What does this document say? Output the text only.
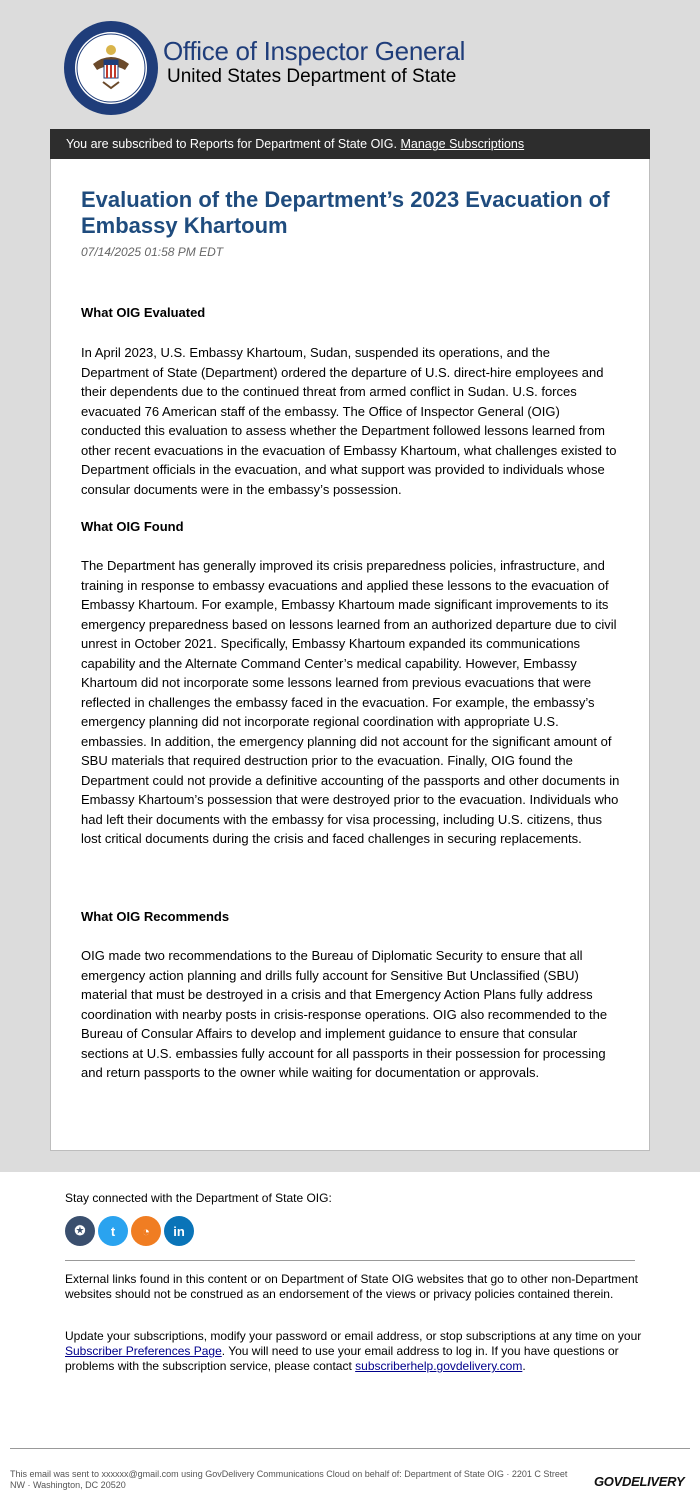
Office of Inspector General
United States Department of State
You are subscribed to Reports for Department of State OIG. Manage Subscriptions
Evaluation of the Department’s 2023 Evacuation of Embassy Khartoum
07/14/2025 01:58 PM EDT
What OIG Evaluated
In April 2023, U.S. Embassy Khartoum, Sudan, suspended its operations, and the Department of State (Department) ordered the departure of U.S. direct-hire employees and their dependents due to the continued threat from armed conflict in Sudan. U.S. forces evacuated 76 American staff of the embassy. The Office of Inspector General (OIG) conducted this evaluation to assess whether the Department followed lessons learned from other recent evacuations in the evacuation of Embassy Khartoum, what challenges existed to Department officials in the evacuation, and what support was provided to individuals whose consular documents were in the embassy’s possession.
What OIG Found
The Department has generally improved its crisis preparedness policies, infrastructure, and training in response to embassy evacuations and applied these lessons to the evacuation of Embassy Khartoum. For example, Embassy Khartoum made significant improvements to its emergency preparedness based on lessons learned from an authorized departure due to civil unrest in October 2021. Specifically, Embassy Khartoum expanded its communications capability and the Alternate Command Center’s medical capability. However, Embassy Khartoum did not incorporate some lessons learned from previous evacuations that were reflected in challenges the embassy faced in the evacuation. For example, the embassy’s emergency planning did not incorporate regional coordination with appropriate U.S. embassies. In addition, the emergency planning did not account for the significant amount of SBU materials that required destruction prior to the evacuation. Finally, OIG found the Department could not provide a definitive accounting of the passports and other documents in Embassy Khartoum’s possession that were destroyed prior to the evacuation. Individuals who had left their documents with the embassy for visa processing, including U.S. citizens, thus lost critical documents during the crisis and faced challenges in securing replacements.
What OIG Recommends
OIG made two recommendations to the Bureau of Diplomatic Security to ensure that all emergency action planning and drills fully account for Sensitive But Unclassified (SBU) material that must be destroyed in a crisis and that Emergency Action Plans fully address coordination with nearby posts in crisis-response operations. OIG also recommended to the Bureau of Consular Affairs to develop and implement guidance to ensure that consular sections at U.S. embassies fully account for all passports in their possession for processing and return passports to the owner while waiting for documentation or approvals.
Stay connected with the Department of State OIG:
✪	t	◔	in
External links found in this content or on Department of State OIG websites that go to other non-Department websites should not be construed as an endorsement of the views or privacy policies contained therein.
Update your subscriptions, modify your password or email address, or stop subscriptions at any time on your Subscriber Preferences Page. You will need to use your email address to log in. If you have questions or problems with the subscription service, please contact subscriberhelp.govdelivery.com.
This email was sent to xxxxxx@gmail.com using GovDelivery Communications Cloud on behalf of: Department of State OIG · 2201 C Street NW · Washington, DC 20520	GOVDELIVERY
